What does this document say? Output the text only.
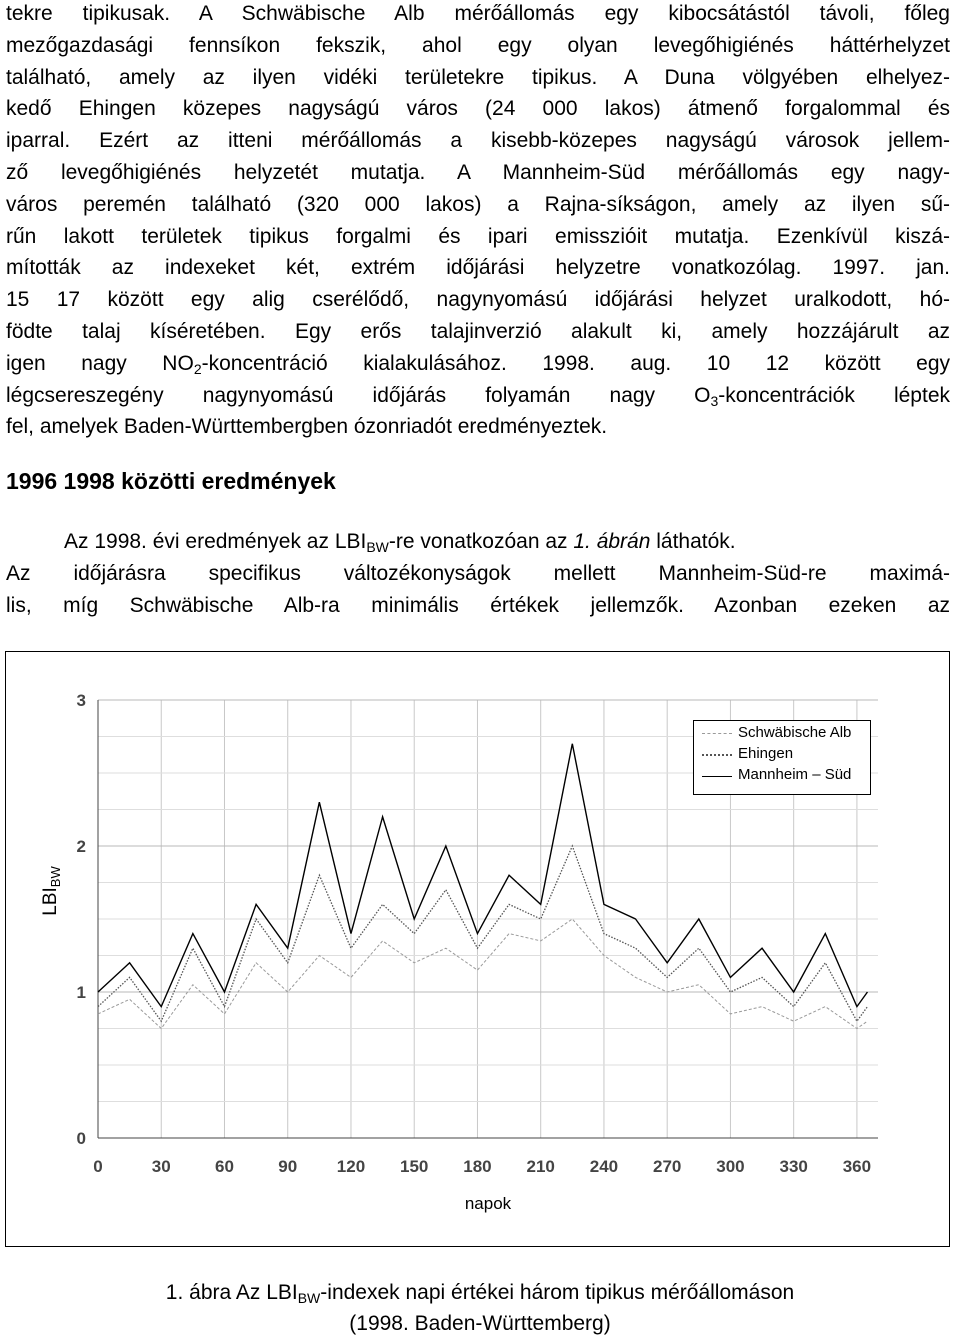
tekre tipikusak. A Schwäbische Alb mérőállomás egy kibocsátástól távoli, főleg
mezőgazdasági fennsíkon fekszik, ahol egy olyan levegőhigiénés háttérhelyzet
található, amely az ilyen vidéki területekre tipikus. A Duna völgyében elhelyez-
kedő Ehingen közepes nagyságú város (24 000 lakos) átmenő forgalommal és
iparral. Ezért az itteni mérőállomás a kisebb-közepes nagyságú városok jellem-
ző levegőhigiénés helyzetét mutatja. A Mannheim-Süd mérőállomás egy nagy-
város peremén található (320 000 lakos) a Rajna-síkságon, amely az ilyen sű-
rűn lakott területek tipikus forgalmi és ipari emisszióit mutatja. Ezenkívül kiszá-
mították az indexeket két, extrém időjárási helyzetre vonatkozólag. 1997. jan.
15 17 között egy alig cserélődő, nagynyomású időjárási helyzet uralkodott, hó-
födte talaj kíséretében. Egy erős talajinverzió alakult ki, amely hozzájárult az
igen nagy $NO_2$-koncentráció kialakulásához. 1998. aug. 10 12 között egy
légcsereszegény nagynyomású időjárás folyamán nagy $O_3$-koncentrációk léptek
fel, amelyek Baden-Württembergben ózonriadót eredményeztek.
1996 1998 közötti eredmények
Az 1998. évi eredmények az $LBI_{BW}-re$ vonatkozóan az 1. ábrán láthatók.
Az időjárásra specifikus változékonyságok mellett Mannheim-Süd-re maximá-
lis, míg Schwäbische Alb-ra minimális értékek jellemzők. Azonban ezeken az
0	30	60	90 120 150 180 210 240 270 300 330 360
0
1
2
3
napok
$LBI_{BW}$
Schwäbische Alb
Ehingen
Mannheim – Süd
1. ábra Az $LBI_{BW}$-indexek napi értékei három tipikus mérőállomáson
(1998. Baden-Württemberg)
